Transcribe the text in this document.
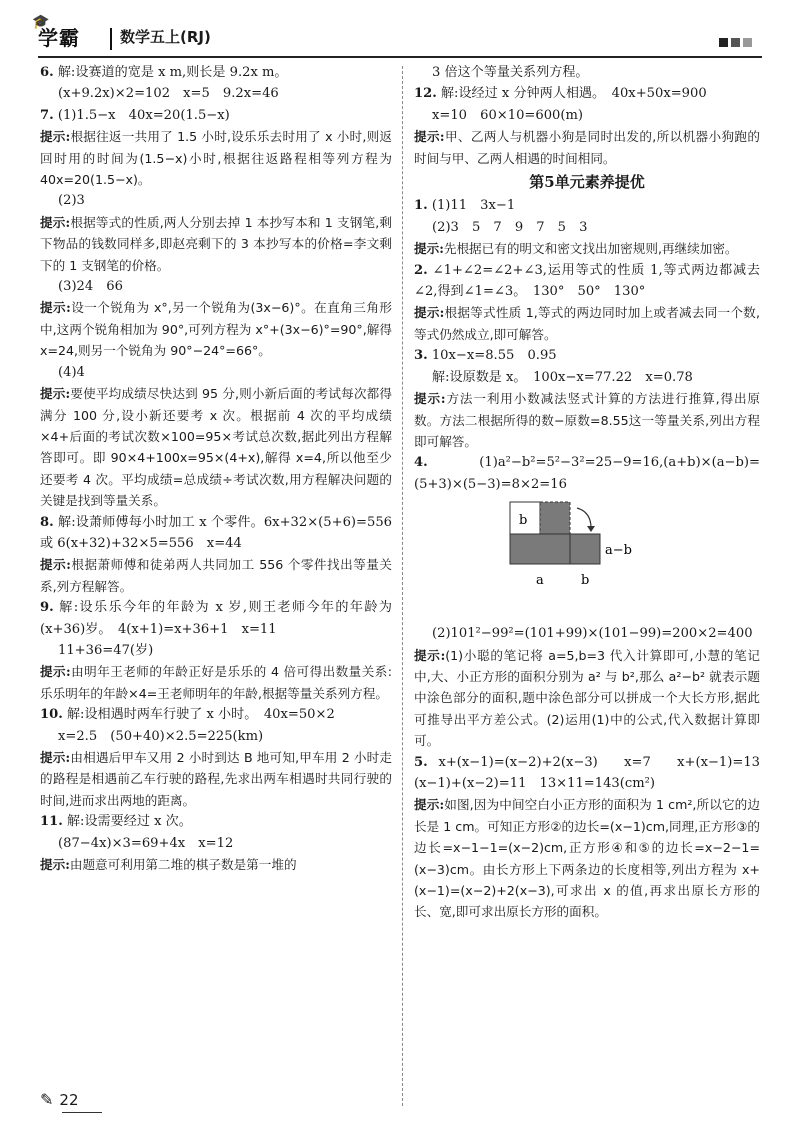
🎓
学霸	数学五上(RJ)

6. 解:设赛道的宽是 x m,则长是 9.2x m。

(x+9.2x)×2=102　x=5　9.2x=46

7. (1)1.5−x　40x=20(1.5−x)

提示:根据往返一共用了 1.5 小时,设乐乐去时用了 x 小时,则返回时用的时间为(1.5−x)小时,根据往返路程相等列方程为 40x=20(1.5−x)。

(2)3

提示:根据等式的性质,两人分别去掉 1 本抄写本和 1 支钢笔,剩下物品的钱数同样多,即赵亮剩下的 3 本抄写本的价格=李文剩下的 1 支钢笔的价格。

(3)24　66

提示:设一个锐角为 x°,另一个锐角为(3x−6)°。在直角三角形中,这两个锐角相加为 90°,可列方程为 x°+(3x−6)°=90°,解得x=24,则另一个锐角为 90°−24°=66°。

(4)4

提示:要使平均成绩尽快达到 95 分,则小新后面的考试每次都得满分 100 分,设小新还要考 x 次。根据前 4 次的平均成绩×4+后面的考试次数×100=95×考试总次数,据此列出方程解答即可。即 90×4+100x=95×(4+x),解得 x=4,所以他至少还要考 4 次。平均成绩=总成绩÷考试次数,用方程解决问题的关键是找到等量关系。

8. 解:设萧师傅每小时加工 x 个零件。6x+32×(5+6)=556 或 6(x+32)+32×5=556　x=44

提示:根据萧师傅和徒弟两人共同加工 556 个零件找出等量关系,列方程解答。

9. 解:设乐乐今年的年龄为 x 岁,则王老师今年的年龄为(x+36)岁。　4(x+1)=x+36+1　x=11

11+36=47(岁)

提示:由明年王老师的年龄正好是乐乐的 4 倍可得出数量关系:乐乐明年的年龄×4=王老师明年的年龄,根据等量关系列方程。

10. 解:设相遇时两车行驶了 x 小时。　40x=50×2

x=2.5　(50+40)×2.5=225(km)

提示:由相遇后甲车又用 2 小时到达 B 地可知,甲车用 2 小时走的路程是相遇前乙车行驶的路程,先求出两车相遇时共同行驶的时间,进而求出两地的距离。

11. 解:设需要经过 x 次。

(87−4x)×3=69+4x　x=12

提示:由题意可利用第二堆的棋子数是第一堆的

3 倍这个等量关系列方程。

12. 解:设经过 x 分钟两人相遇。　40x+50x=900

x=10　60×10=600(m)

提示:甲、乙两人与机器小狗是同时出发的,所以机器小狗跑的时间与甲、乙两人相遇的时间相同。

第5单元素养提优

1. (1)11　3x−1

(2)3　5　7　9　7　5　3

提示:先根据已有的明文和密文找出加密规则,再继续加密。

2. ∠1+∠2=∠2+∠3,运用等式的性质 1,等式两边都减去∠2,得到∠1=∠3。　130°　50°　130°

提示:根据等式性质 1,等式的两边同时加上或者减去同一个数,等式仍然成立,即可解答。

3. 10x−x=8.55　0.95

解:设原数是 x。　100x−x=77.22　x=0.78

提示:方法一利用小数减法竖式计算的方法进行推算,得出原数。方法二根据所得的数−原数=8.55这一等量关系,列出方程即可解答。

4.	(1)a²−b²=5²−3²=25−9=16,(a+b)×(a−b)=(5+3)×(5−3)=8×2=16

b
a−b
a	b

(2)101²−99²=(101+99)×(101−99)=200×2=400

提示:(1)小聪的笔记将 a=5,b=3 代入计算即可,小慧的笔记中,大、小正方形的面积分别为 a² 与 b²,那么 a²−b² 就表示题中涂色部分的面积,题中涂色部分可以拼成一个大长方形,据此可推导出平方差公式。(2)运用(1)中的公式,代入数据计算即可。

5. x+(x−1)=(x−2)+2(x−3)　x=7　x+(x−1)=13　(x−1)+(x−2)=11　13×11=143(cm²)

提示:如图,因为中间空白小正方形的面积为 1 cm²,所以它的边长是 1 cm。可知正方形②的边长=(x−1)cm,同理,正方形③的边长=x−1−1=(x−2)cm,正方形④和⑤的边长=x−2−1=(x−3)cm。由长方形上下两条边的长度相等,列出方程为 x+(x−1)=(x−2)+2(x−3),可求出 x 的值,再求出原长方形的长、宽,即可求出原长方形的面积。

✎ 22
